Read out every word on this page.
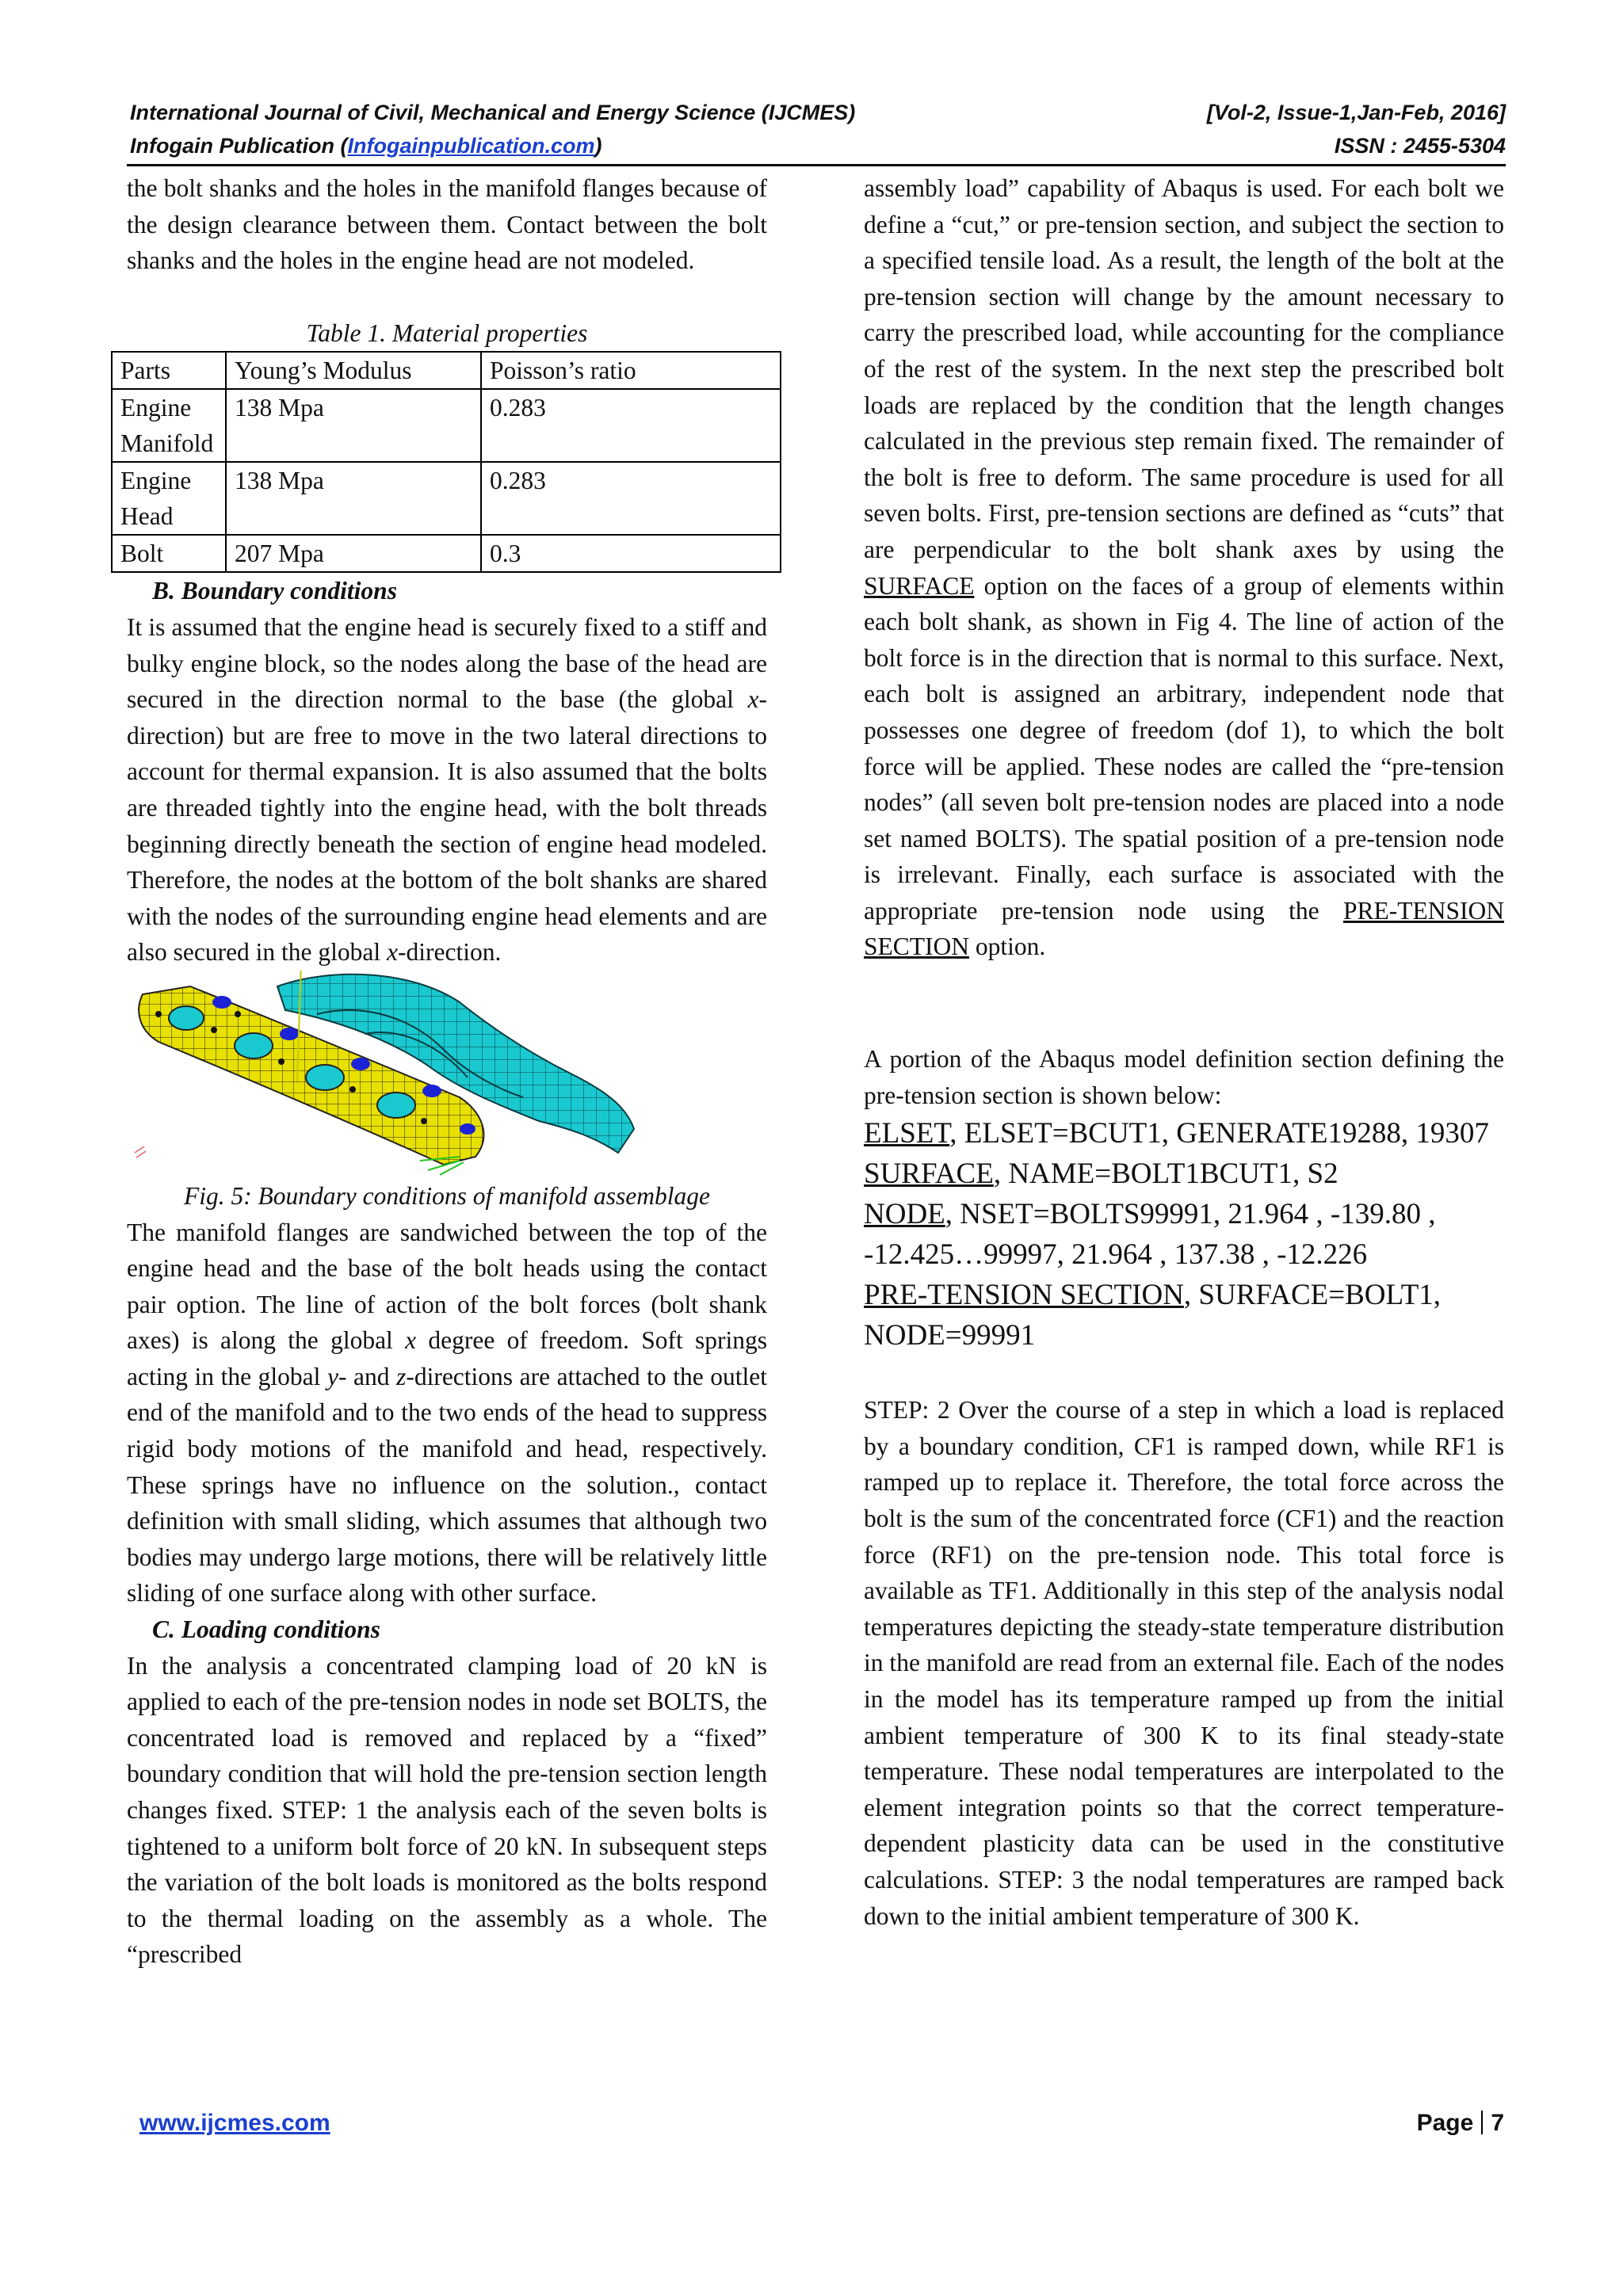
International Journal of Civil, Mechanical and Energy Science (IJCMES)	[Vol-2, Issue-1,Jan-Feb, 2016]
Infogain Publication (Infogainpublication.com)	ISSN : 2455-5304

the bolt shanks and the holes in the manifold flanges because of the design clearance between them. Contact between the bolt shanks and the holes in the engine head are not modeled.

Table 1. Material properties

Parts	Young’s Modulus	Poisson’s ratio
Engine Manifold	138 Mpa	0.283
Engine Head	138 Mpa	0.283
Bolt	207 Mpa	0.3

B. Boundary conditions

It is assumed that the engine head is securely fixed to a stiff and bulky engine block, so the nodes along the base of the head are secured in the direction normal to the base (the global x-direction) but are free to move in the two lateral directions to account for thermal expansion. It is also assumed that the bolts are threaded tightly into the engine head, with the bolt threads beginning directly beneath the section of engine head modeled. Therefore, the nodes at the bottom of the bolt shanks are shared with the nodes of the surrounding engine head elements and are also secured in the global x-direction.

Fig. 5: Boundary conditions of manifold assemblage

The manifold flanges are sandwiched between the top of the engine head and the base of the bolt heads using the contact pair option. The line of action of the bolt forces (bolt shank axes) is along the global x degree of freedom. Soft springs acting in the global y- and z-directions are attached to the outlet end of the manifold and to the two ends of the head to suppress rigid body motions of the manifold and head, respectively. These springs have no influence on the solution., contact definition with small sliding, which assumes that although two bodies may undergo large motions, there will be relatively little sliding of one surface along with other surface.

C. Loading conditions

In the analysis a concentrated clamping load of 20 kN is applied to each of the pre-tension nodes in node set BOLTS, the concentrated load is removed and replaced by a “fixed” boundary condition that will hold the pre-tension section length changes fixed. STEP: 1 the analysis each of the seven bolts is tightened to a uniform bolt force of 20 kN. In subsequent steps the variation of the bolt loads is monitored as the bolts respond to the thermal loading on the assembly as a whole. The “prescribed

assembly load” capability of Abaqus is used. For each bolt we define a “cut,” or pre-tension section, and subject the section to a specified tensile load. As a result, the length of the bolt at the pre-tension section will change by the amount necessary to carry the prescribed load, while accounting for the compliance of the rest of the system. In the next step the prescribed bolt loads are replaced by the condition that the length changes calculated in the previous step remain fixed. The remainder of the bolt is free to deform. The same procedure is used for all seven bolts. First, pre-tension sections are defined as “cuts” that are perpendicular to the bolt shank axes by using the SURFACE option on the faces of a group of elements within each bolt shank, as shown in Fig 4. The line of action of the bolt force is in the direction that is normal to this surface. Next, each bolt is assigned an arbitrary, independent node that possesses one degree of freedom (dof 1), to which the bolt force will be applied. These nodes are called the “pre-tension nodes” (all seven bolt pre-tension nodes are placed into a node set named BOLTS). The spatial position of a pre-tension node is irrelevant. Finally, each surface is associated with the appropriate pre-tension node using the PRE-TENSION SECTION option.

A portion of the Abaqus model definition section defining the pre-tension section is shown below:

ELSET, ELSET=BCUT1, GENERATE19288, 19307

SURFACE, NAME=BOLT1BCUT1, S2

NODE, NSET=BOLTS99991, 21.964 , -139.80 , -12.425…99997, 21.964 , 137.38 , -12.226

PRE-TENSION SECTION, SURFACE=BOLT1, NODE=99991

STEP: 2 Over the course of a step in which a load is replaced by a boundary condition, CF1 is ramped down, while RF1 is ramped up to replace it. Therefore, the total force across the bolt is the sum of the concentrated force (CF1) and the reaction force (RF1) on the pre-tension node. This total force is available as TF1. Additionally in this step of the analysis nodal temperatures depicting the steady-state temperature distribution in the manifold are read from an external file. Each of the nodes in the model has its temperature ramped up from the initial ambient temperature of 300 K to its final steady-state temperature. These nodal temperatures are interpolated to the element integration points so that the correct temperature-dependent plasticity data can be used in the constitutive calculations. STEP: 3 the nodal temperatures are ramped back down to the initial ambient temperature of 300 K.

www.ijcmes.com	Page 7
